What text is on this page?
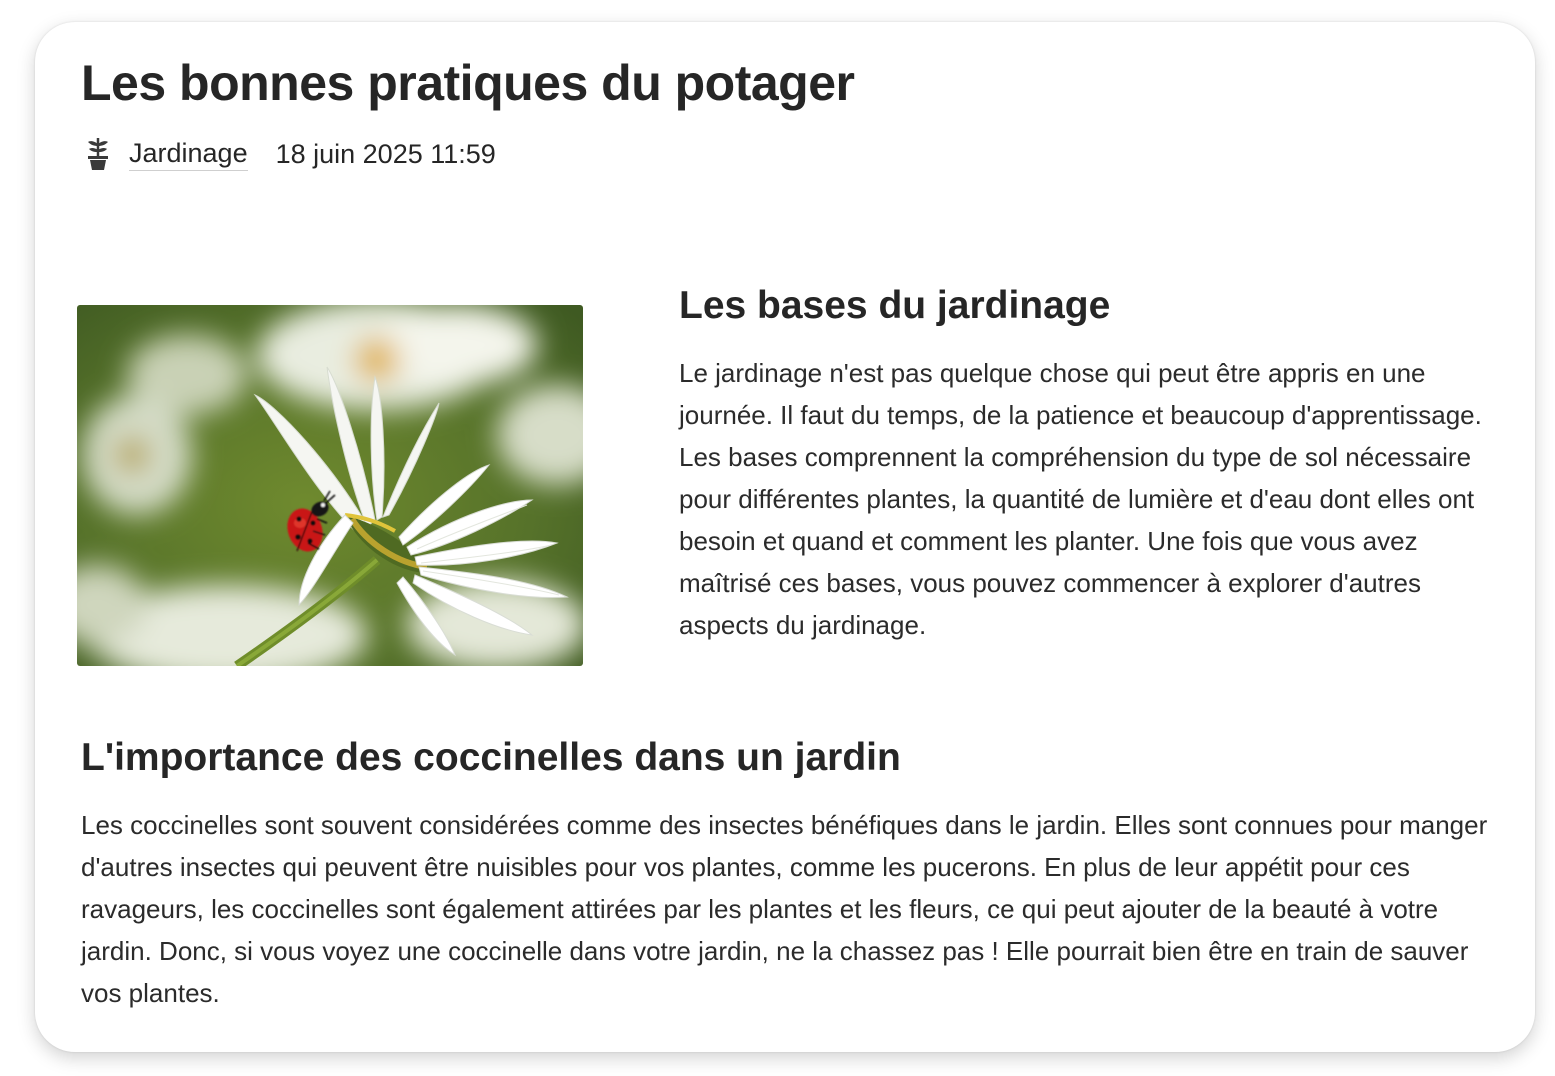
Les bonnes pratiques du potager
Jardinage 18 juin 2025 11:59
Les bases du jardinage

Le jardinage n'est pas quelque chose qui peut être appris en une journée. Il faut du temps, de la patience et beaucoup d'apprentissage. Les bases comprennent la compréhension du type de sol nécessaire pour différentes plantes, la quantité de lumière et d'eau dont elles ont besoin et quand et comment les planter. Une fois que vous avez maîtrisé ces bases, vous pouvez commencer à explorer d'autres aspects du jardinage.

L'importance des coccinelles dans un jardin

Les coccinelles sont souvent considérées comme des insectes bénéfiques dans le jardin. Elles sont connues pour manger d'autres insectes qui peuvent être nuisibles pour vos plantes, comme les pucerons. En plus de leur appétit pour ces ravageurs, les coccinelles sont également attirées par les plantes et les fleurs, ce qui peut ajouter de la beauté à votre jardin. Donc, si vous voyez une coccinelle dans votre jardin, ne la chassez pas ! Elle pourrait bien être en train de sauver vos plantes.
